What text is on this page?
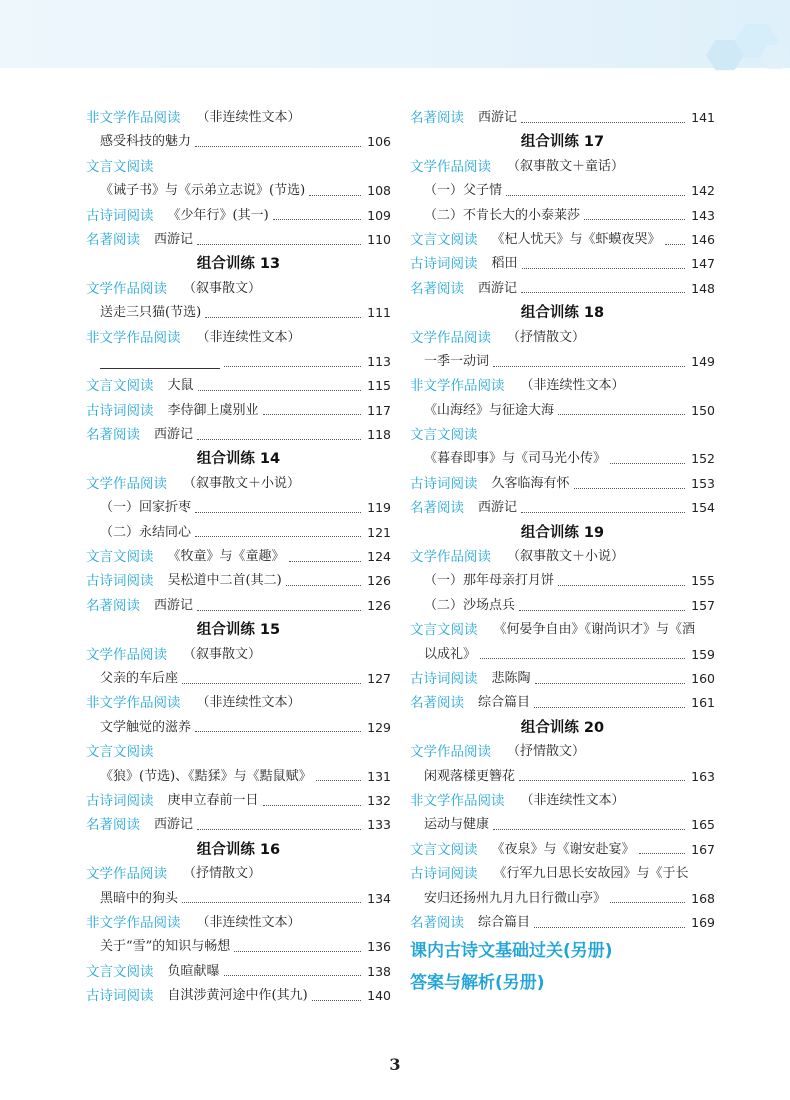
非文学作品阅读 （非连续性文本）
感受科技的魅力	106
文言文阅读
《诫子书》与《示弟立志说》(节选)	108
古诗词阅读 《少年行》(其一)	109
名著阅读 西游记	110
组合训练 13
文学作品阅读 （叙事散文）
送走三只猫(节选)	111
非文学作品阅读 （非连续性文本）
113
文言文阅读 大鼠	115
古诗词阅读 李侍御上虞别业	117
名著阅读 西游记	118
组合训练 14
文学作品阅读 （叙事散文＋小说）
（一）回家折枣	119
（二）永结同心	121
文言文阅读 《牧童》与《童趣》	124
古诗词阅读 吴松道中二首(其二)	126
名著阅读 西游记	126
组合训练 15
文学作品阅读 （叙事散文）
父亲的车后座	127
非文学作品阅读 （非连续性文本）
文学触觉的滋养	129
文言文阅读
《狼》(节选)、《黠猱》与《黠鼠赋》	131
古诗词阅读 庚申立春前一日	132
名著阅读 西游记	133
组合训练 16
文学作品阅读 （抒情散文）
黑暗中的狗头	134
非文学作品阅读 （非连续性文本）
关于“雪”的知识与畅想	136
文言文阅读 负暄献曝	138
古诗词阅读 自淇涉黄河途中作(其九)	140
名著阅读 西游记	141
组合训练 17
文学作品阅读 （叙事散文＋童话）
（一）父子情	142
（二）不肯长大的小泰莱莎	143
文言文阅读 《杞人忧天》与《虾蟆夜哭》 146
古诗词阅读 稻田	147
名著阅读 西游记	148
组合训练 18
文学作品阅读 （抒情散文）
一季一动词	149
非文学作品阅读 （非连续性文本）
《山海经》与征途大海	150
文言文阅读
《暮春即事》与《司马光小传》	152
古诗词阅读 久客临海有怀	153
名著阅读 西游记	154
组合训练 19
文学作品阅读 （叙事散文＋小说）
（一）那年母亲打月饼	155
（二）沙场点兵	157
文言文阅读 《何晏争自由》《谢尚识才》与《酒
以成礼》	159
古诗词阅读 悲陈陶	160
名著阅读 综合篇目	161
组合训练 20
文学作品阅读 （抒情散文）
闲观落樣更簪花	163
非文学作品阅读 （非连续性文本）
运动与健康	165
文言文阅读 《夜泉》与《谢安赴宴》	167
古诗词阅读 《行军九日思长安故园》与《于长
安归还扬州九月九日行微山亭》	168
名著阅读 综合篇目	169
课内古诗文基础过关(另册)
答案与解析(另册)
3
